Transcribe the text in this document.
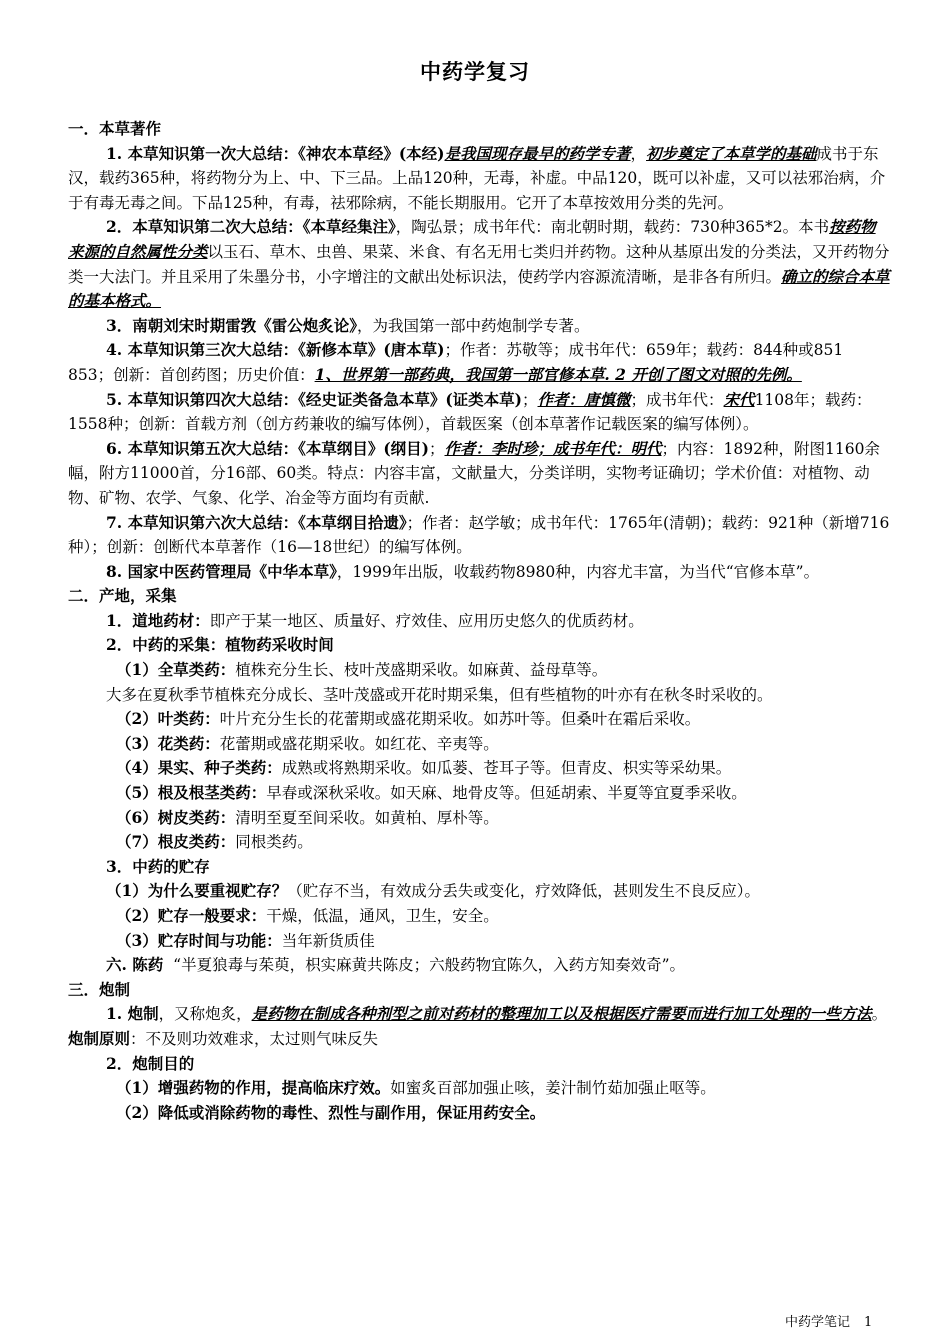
中药学复习

一．本草著作

1. 本草知识第一次大总结：《神农本草经》(本经)是我国现存最早的药学专著，初步奠定了本草学的基础成书于东汉，载药365种，将药物分为上、中、下三品。上品120种，无毒，补虚。中品120，既可以补虚，又可以祛邪治病，介于有毒无毒之间。下品125种，有毒，祛邪除病，不能长期服用。它开了本草按效用分类的先河。

2．本草知识第二次大总结：《本草经集注》，陶弘景；成书年代：南北朝时期，载药：730种365*2。本书按药物来源的自然属性分类以玉石、草木、虫兽、果菜、米食、有名无用七类归并药物。这种从基原出发的分类法，又开药物分类一大法门。并且采用了朱墨分书，小字增注的文献出处标识法，使药学内容源流清晰，是非各有所归。确立的综合本草的基本格式。

3．南朝刘宋时期雷敩《雷公炮炙论》，为我国第一部中药炮制学专著。

4. 本草知识第三次大总结：《新修本草》(唐本草)；作者：苏敬等；成书年代：659年；载药：844种或851 853；创新：首创药图；历史价值：1、世界第一部药典，我国第一部官修本草. 2 开创了图文对照的先例。

5. 本草知识第四次大总结：《经史证类备急本草》(证类本草)；作者：唐慎微；成书年代：宋代1108年；载药：1558种；创新：首载方剂（创方药兼收的编写体例），首载医案（创本草著作记载医案的编写体例）。

6. 本草知识第五次大总结：《本草纲目》(纲目)；作者：李时珍；成书年代：明代；内容：1892种，附图1160余幅，附方11000首，分16部、60类。特点：内容丰富，文献量大，分类详明，实物考证确切；学术价值：对植物、动物、矿物、农学、气象、化学、冶金等方面均有贡献.

7. 本草知识第六次大总结：《本草纲目拾遗》；作者：赵学敏；成书年代：1765年(清朝)；载药：921种（新增716种）；创新：创断代本草著作（16—18世纪）的编写体例。

8. 国家中医药管理局《中华本草》，1999年出版，收载药物8980种，内容尤丰富，为当代“官修本草”。

二．产地，采集

1．道地药材：即产于某一地区、质量好、疗效佳、应用历史悠久的优质药材。

2．中药的采集：植物药采收时间

（1）全草类药：植株充分生长、枝叶茂盛期采收。如麻黄、益母草等。

大多在夏秋季节植株充分成长、茎叶茂盛或开花时期采集，但有些植物的叶亦有在秋冬时采收的。

（2）叶类药：叶片充分生长的花蕾期或盛花期采收。如苏叶等。但桑叶在霜后采收。

（3）花类药：花蕾期或盛花期采收。如红花、辛夷等。

（4）果实、种子类药：成熟或将熟期采收。如瓜蒌、苍耳子等。但青皮、枳实等采幼果。

（5）根及根茎类药：早春或深秋采收。如天麻、地骨皮等。但延胡索、半夏等宜夏季采收。

（6）树皮类药：清明至夏至间采收。如黄柏、厚朴等。

（7）根皮类药：同根类药。

3．中药的贮存

（1）为什么要重视贮存？（贮存不当，有效成分丢失或变化，疗效降低，甚则发生不良反应）。

（2）贮存一般要求：干燥，低温，通风，卫生，安全。

（3）贮存时间与功能：当年新货质佳

六. 陈药 “半夏狼毒与茱萸，枳实麻黄共陈皮；六般药物宜陈久，入药方知奏效奇”。

三．炮制

1. 炮制，又称炮炙，是药物在制成各种剂型之前对药材的整理加工以及根据医疗需要而进行加工处理的一些方法。炮制原则：不及则功效难求，太过则气味反失

2．炮制目的

（1）增强药物的作用，提高临床疗效。如蜜炙百部加强止咳，姜汁制竹茹加强止呕等。

（2）降低或消除药物的毒性、烈性与副作用，保证用药安全。

中药学笔记 1
